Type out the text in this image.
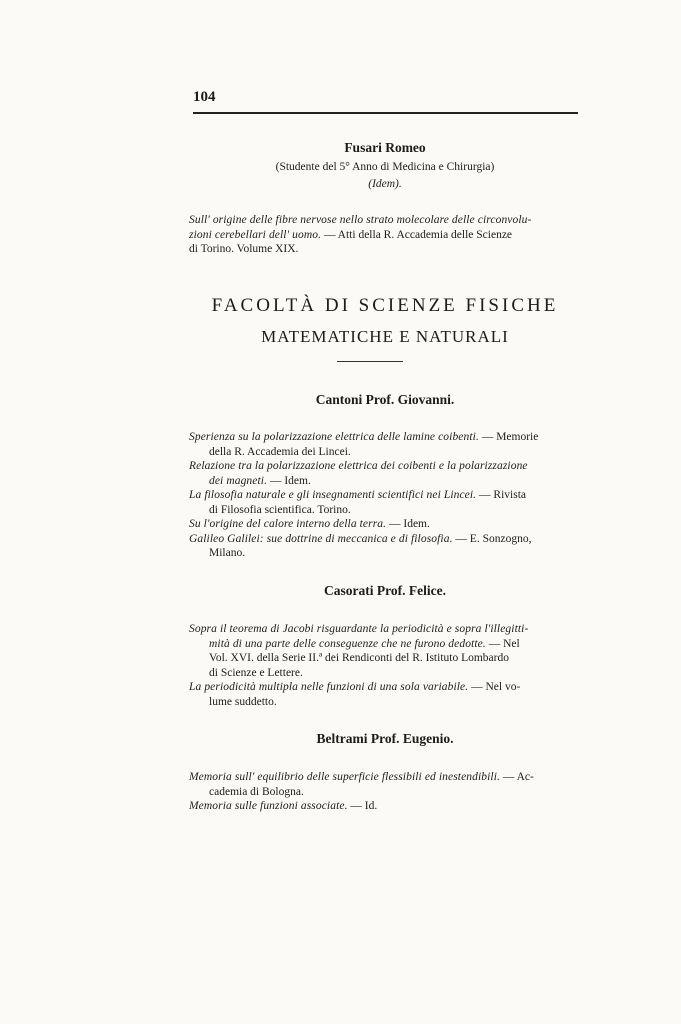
104
Fusari Romeo
(Studente del 5° Anno di Medicina e Chirurgia)
(Idem).
Sull' origine delle fibre nervose nello strato molecolare delle circonvolu-
zioni cerebellari dell' uomo. — Atti della R. Accademia delle Scienze
di Torino. Volume XIX.
FACOLTÀ DI SCIENZE FISICHE
MATEMATICHE E NATURALI
Cantoni Prof. Giovanni.
Sperienza su la polarizzazione elettrica delle lamine coibenti. — Memorie
della R. Accademia dei Lincei.
Relazione tra la polarizzazione elettrica dei coibenti e la polarizzazione
dei magneti. — Idem.
La filosofia naturale e gli insegnamenti scientifici nei Lincei. — Rivista
di Filosofia scientifica. Torino.
Su l'origine del calore interno della terra. — Idem.
Galileo Galilei: sue dottrine di meccanica e di filosofia. — E. Sonzogno,
Milano.
Casorati Prof. Felice.
Sopra il teorema di Jacobi risguardante la periodicità e sopra l'illegitti-
mità di una parte delle conseguenze che ne furono dedotte. — Nel
Vol. XVI. della Serie II.ª dei Rendiconti del R. Istituto Lombardo
di Scienze e Lettere.
La periodicità multipla nelle funzioni di una sola variabile. — Nel vo-
lume suddetto.
Beltrami Prof. Eugenio.
Memoria sull' equilibrio delle superficie flessibili ed inestendibili. — Ac-
cademia di Bologna.
Memoria sulle funzioni associate. — Id.
